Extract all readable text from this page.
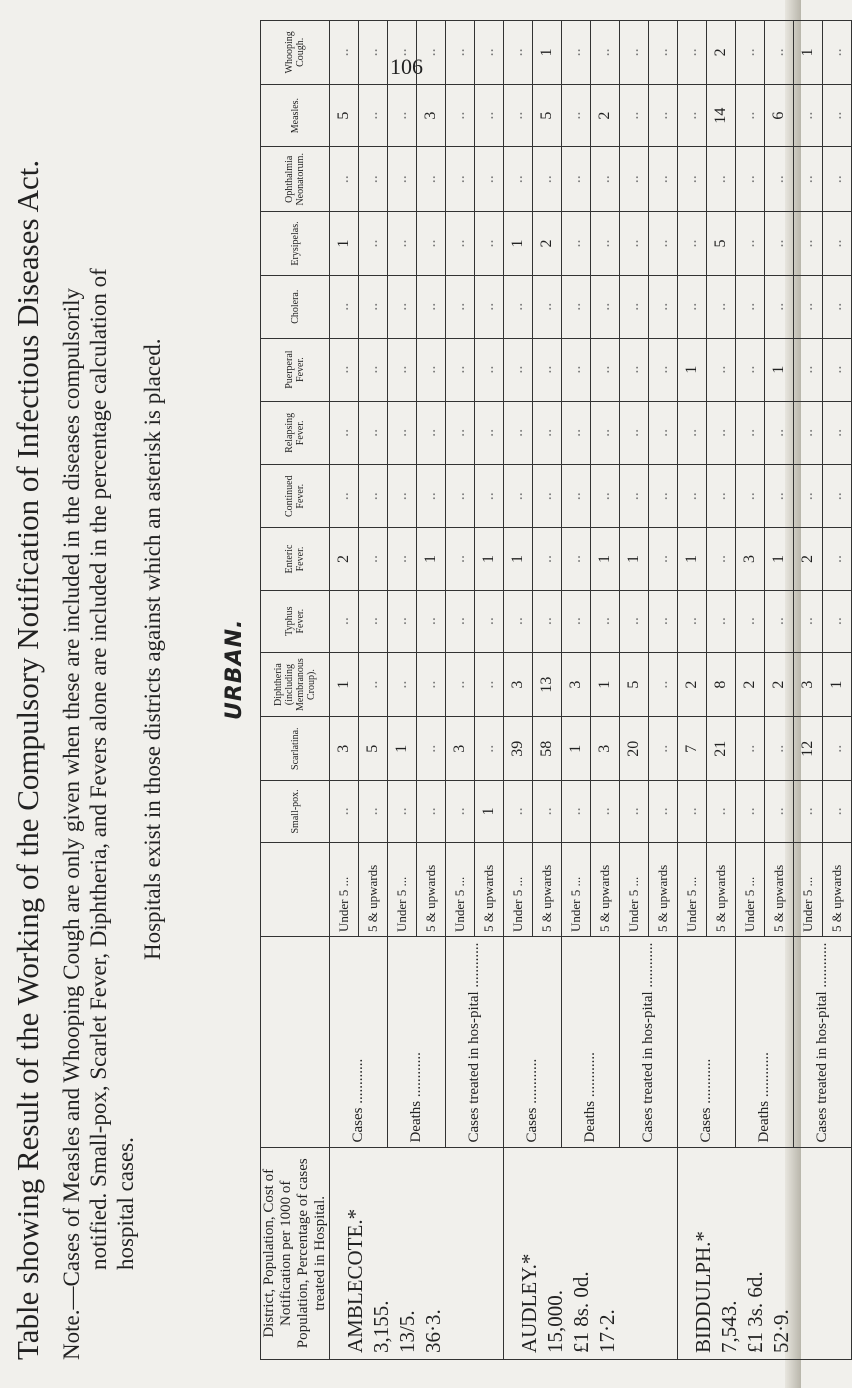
106
Table showing Result of the Working of the Compulsory Notification of Infectious Diseases Act. Note.—Cases of Measles and Whooping Cough are only given when these are included in the diseases compulsorily notified. Small-pox, Scarlet Fever, Diphtheria, and Fevers alone are included in the percentage calculation of hospital cases.
Hospitals exist in those districts against which an asterisk is placed.	URBAN.
District, Population, Cost of Notification per 1000 of Population, Percentage of cases treated in Hospital.			Small-pox.	Scarlatina.	Diphtheria (including Membranous Croup).	Typhus Fever.	Enteric Fever.	Continued Fever.	Relapsing Fever.	Puerperal Fever.	Cholera.	Erysipelas.	Ophthalmia Neonatorum.	Measles.	Whooping Cough.

AMBLECOTE.* 3,155. 13/5. 36·3.	Cases ............	Under 5 ...	..	3	1	..	2	..	..	..	..	1	..	5	..
		5 & upwards	..	5	..	..	..	..	..	..	..	..	..	..	..
	Deaths ............	Under 5 ...	..	1	..	..	..	..	..	..	..	..	..	..	..
		5 & upwards	..	..	..	..	1	..	..	..	..	..	..	3	..
	Cases treated in hos-pital ............	Under 5 ...	..	3	..	..	..	..	..	..	..	..	..	..	..
		5 & upwards	1	..	..	..	1	..	..	..	..	..	..	..	..

AUDLEY.* 15,000. £1 8s. 0d. 17·2.	Cases ............	Under 5 ...	..	39	3	..	1	..	..	..	..	1	..	..	..
		5 & upwards	..	58	13	..	..	..	..	..	..	2	..	5	1
	Deaths ............	Under 5 ...	..	1	3	..	..	..	..	..	..	..	..	..	..
		5 & upwards	..	3	1	..	1	..	..	..	..	..	..	2	..
	Cases treated in hos-pital ............	Under 5 ...	..	20	5	..	1	..	..	..	..	..	..	..	..
		5 & upwards	..	..	..	..	..	..	..	..	..	..	..	..	..

BIDDULPH.* 7,543. £1 3s. 6d. 52·9.	Cases ............	Under 5 ...	..	7	2	..	1	..	..	1	..	..	..	..	..
		5 & upwards	..	21	8	..	..	..	..	..	..	5	..	14	2
	Deaths ............	Under 5 ...	..	..	2	..	3	..	..	..	..	..	..	..	..
		5 & upwards	..	..	2	..	1	..	..	1	..	..	..	6	..
	Cases treated in hos-pital ............	Under 5 ...	..	12	3	..	2	..	..	..	..	..	..	..	1
		5 & upwards	..	..	1	..	..	..	..	..	..	..	..	..	..
